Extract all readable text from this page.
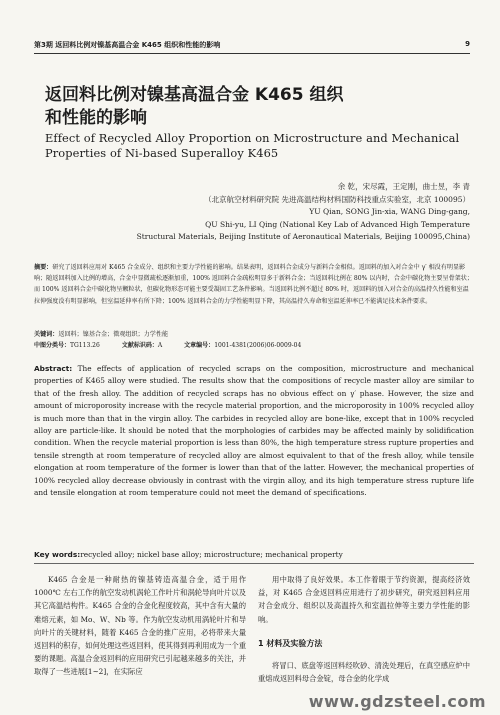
第3期 返回料比例对镍基高温合金 K465 组织和性能的影响	9
返回料比例对镍基高温合金 K465 组织
和性能的影响
Effect of Recycled Alloy Proportion on Microstructure and Mechanical
Properties of Ni-based Superalloy K465
余 乾，宋尽霞，王定刚，曲士昱，李 青
（北京航空材料研究院 先进高温结构材料国防科技重点实验室，北京 100095）
YU Qian, SONG Jin-xia, WANG Ding-gang,
QU Shi-yu, LI Qing (National Key Lab of Advanced High Temperature
Structural Materials, Beijing Institute of Aeronautical Materials, Beijing 100095,China)
摘要：研究了返回料应用对 K465 合金成分、组织和主要力学性能的影响。结果表明，返回料合金成分与新料合金相似。返回料的加入对合金中 γ′ 相没有明显影响；随返回料加入比例的增高，合金中显微疏松逐渐加重，100% 返回料合金疏松明显多于新料合金；当返回料比例在 80% 以内时，合金中碳化物主要呈骨架状；而 100% 返回料合金中碳化物呈颗粒状，但碳化物形态可能主要受凝固工艺条件影响。当返回料比例不超过 80% 时，返回料的加入对合金的高温持久性能和室温拉伸强度没有明显影响，但室温延伸率有所下降；100% 返回料合金的力学性能明显下降，其高温持久寿命和室温延伸率已不能满足技术条件要求。
关键词：返回料；镍基合金；微观组织；力学性能
中图分类号：TG113.26	文献标识码：A	文章编号：1001-4381(2006)06-0009-04
Abstract: The effects of application of recycled scraps on the composition, microstructure and mechanical properties of K465 alloy were studied. The results show that the compositions of recycle master alloy are similar to that of the fresh alloy. The addition of recycled scraps has no obvious effect on γ′ phase. However, the size and amount of microporosity increase with the recycle material proportion, and the microporosity in 100% recycled alloy is much more than that in the virgin alloy. The carbides in recycled alloy are bone-like, except that in 100% recycled alloy are particle-like. It should be noted that the morphologies of carbides may be affected mainly by solidification condition. When the recycle material proportion is less than 80%, the high temperature stress rupture properties and tensile strength at room temperature of recycled alloy are almost equivalent to that of the fresh alloy, while tensile elongation at room temperature of the former is lower than that of the latter. However, the mechanical properties of 100% recycled alloy decrease obviously in contrast with the virgin alloy, and its high temperature stress rupture life and tensile elongation at room temperature could not meet the demand of specifications.
Key words:recycled alloy; nickel base alloy; microstructure; mechanical property

K465 合金是一种耐热的镍基铸造高温合金，适于用作 1000℃ 左右工作的航空发动机涡轮工作叶片和涡轮导向叶片以及其它高温结构件。K465 合金的合金化程度较高，其中含有大量的难熔元素，如 Mo、W、Nb 等。作为航空发动机用涡轮叶片和导向叶片的关键材料，随着 K465 合金的推广应用，必将带来大量返回料的积存，如何处理这些返回料，使其得到再利用成为一个重要的课题。高温合金返回料的应用研究已引起越来越多的关注，并取得了一些进展[1~2]，在实际应

用中取得了良好效果。本工作着眼于节约资源，提高经济效益，对 K465 合金返回料应用进行了初步研究，研究返回料应用对合金成分、组织以及高温持久和室温拉伸等主要力学性能的影响。

1 材料及实验方法

将冒口、底盘等返回料经吹砂、清洗处理后，在真空感应炉中重熔成返回料母合金锭，母合金的化学成

www.gdzsteel.com
